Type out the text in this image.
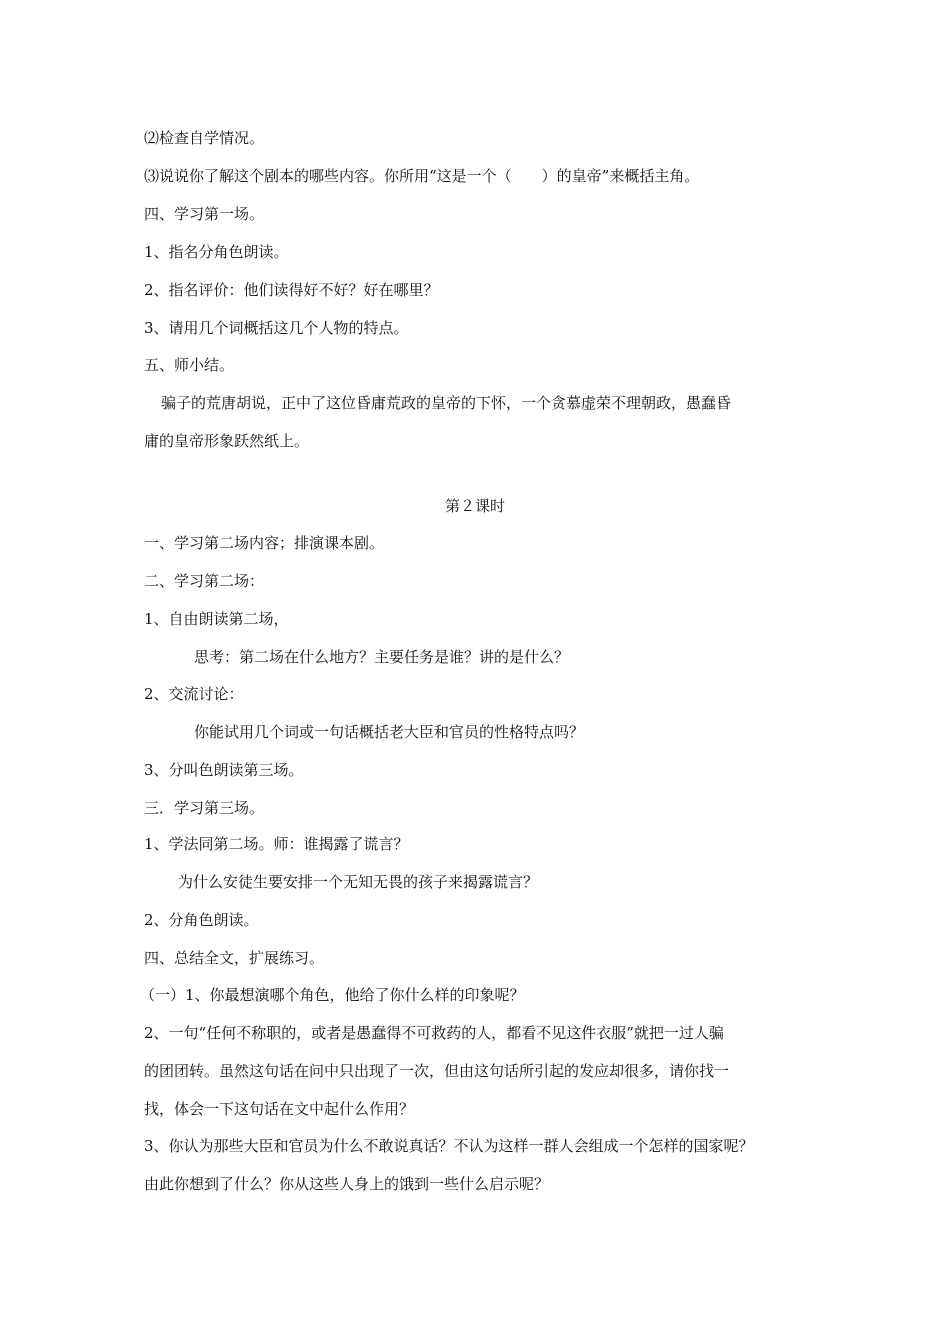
⑵检查自学情况。
⑶说说你了解这个剧本的哪些内容。你所用“这是一个（　　）的皇帝”来概括主角。
四、学习第一场。
1、指名分角色朗读。
2、指名评价：他们读得好不好？好在哪里？
3、请用几个词概括这几个人物的特点。
五、师小结。
骗子的荒唐胡说，正中了这位昏庸荒政的皇帝的下怀，一个贪慕虚荣不理朝政，愚蠢昏
庸的皇帝形象跃然纸上。
第２课时
一、学习第二场内容；排演课本剧。
二、学习第二场：
1、自由朗读第二场，
思考：第二场在什么地方？主要任务是谁？讲的是什么？
2、交流讨论：
你能试用几个词或一句话概括老大臣和官员的性格特点吗？
3、分叫色朗读第三场。
三．学习第三场。
1、学法同第二场。师：谁揭露了谎言？
为什么安徒生要安排一个无知无畏的孩子来揭露谎言？
2、分角色朗读。
四、总结全文，扩展练习。
（一）1、你最想演哪个角色，他给了你什么样的印象呢？
2、一句“任何不称职的，或者是愚蠢得不可救药的人，都看不见这件衣服”就把一过人骗
的团团转。虽然这句话在问中只出现了一次，但由这句话所引起的发应却很多，请你找一
找，体会一下这句话在文中起什么作用？
3、你认为那些大臣和官员为什么不敢说真话？不认为这样一群人会组成一个怎样的国家呢？
由此你想到了什么？你从这些人身上的饿到一些什么启示呢？
